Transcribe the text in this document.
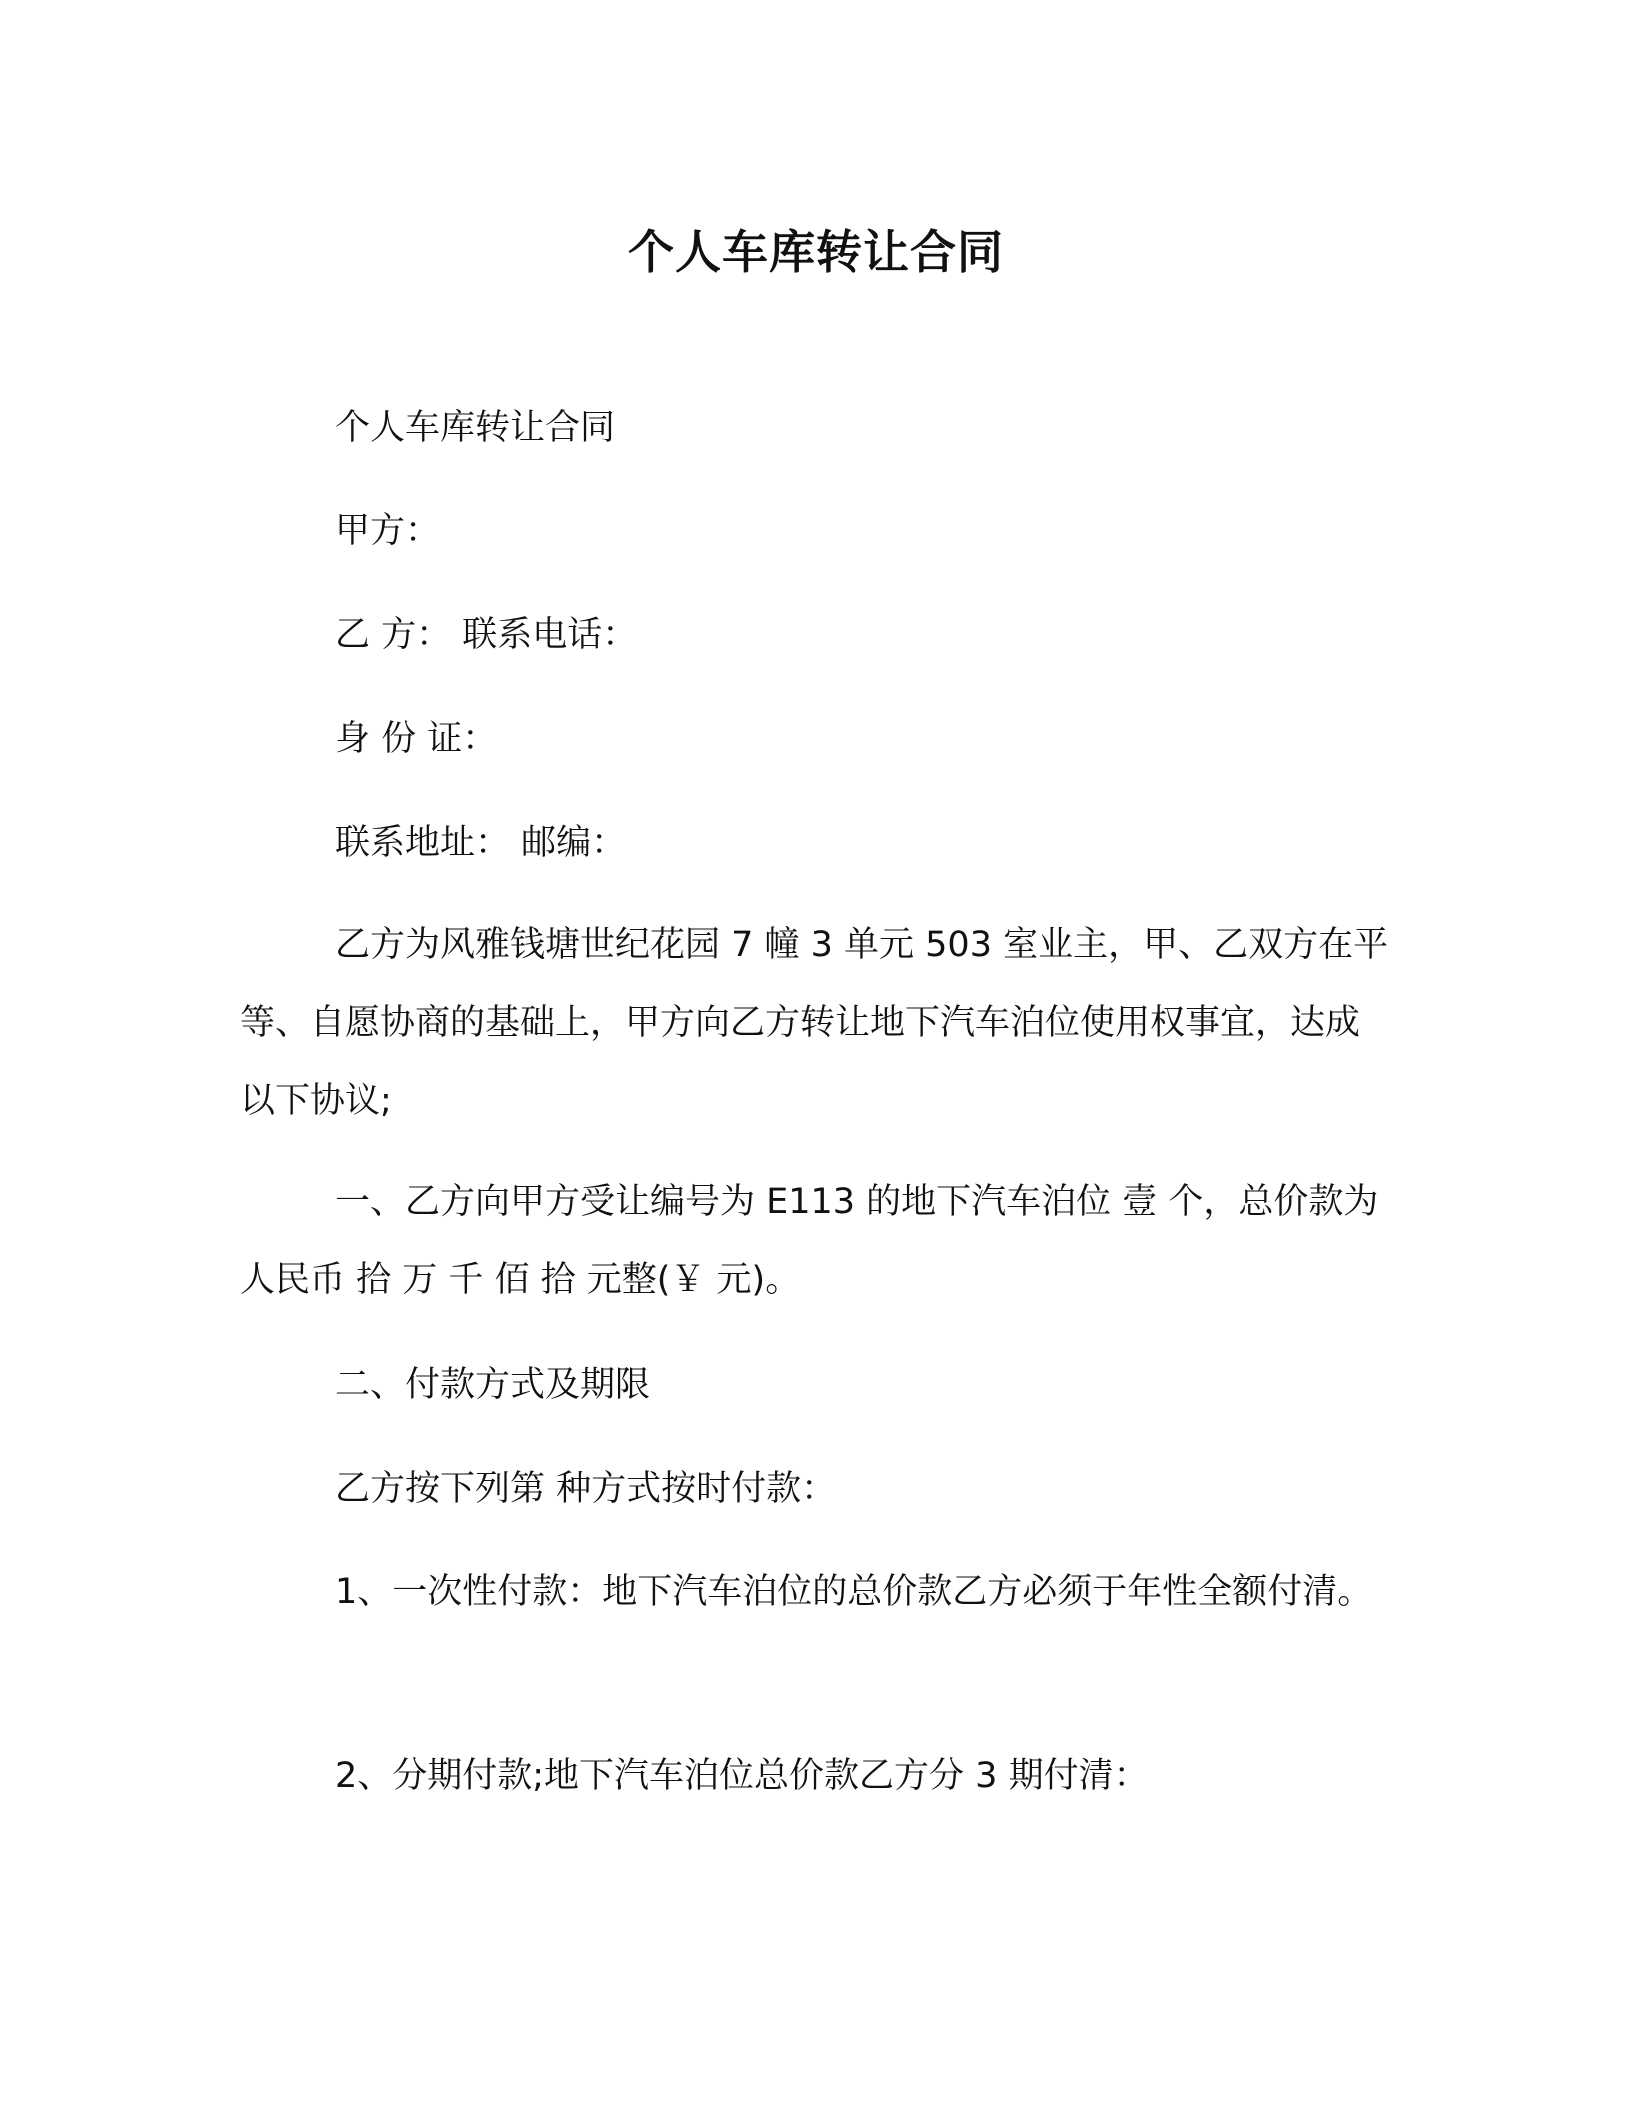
个人车库转让合同

个人车库转让合同

甲方：

乙 方： 联系电话：

身 份 证：

联系地址： 邮编：

乙方为风雅钱塘世纪花园 7 幢 3 单元 503 室业主，甲、乙双方在平等、自愿协商的基础上，甲方向乙方转让地下汽车泊位使用权事宜，达成以下协议;

一、乙方向甲方受让编号为 E113 的地下汽车泊位 壹 个，总价款为人民币 拾 万 千 佰 拾 元整(￥ 元)。

二、付款方式及期限

乙方按下列第 种方式按时付款：

1、一次性付款：地下汽车泊位的总价款乙方必须于年性全额付清。

2、分期付款;地下汽车泊位总价款乙方分 3 期付清：
